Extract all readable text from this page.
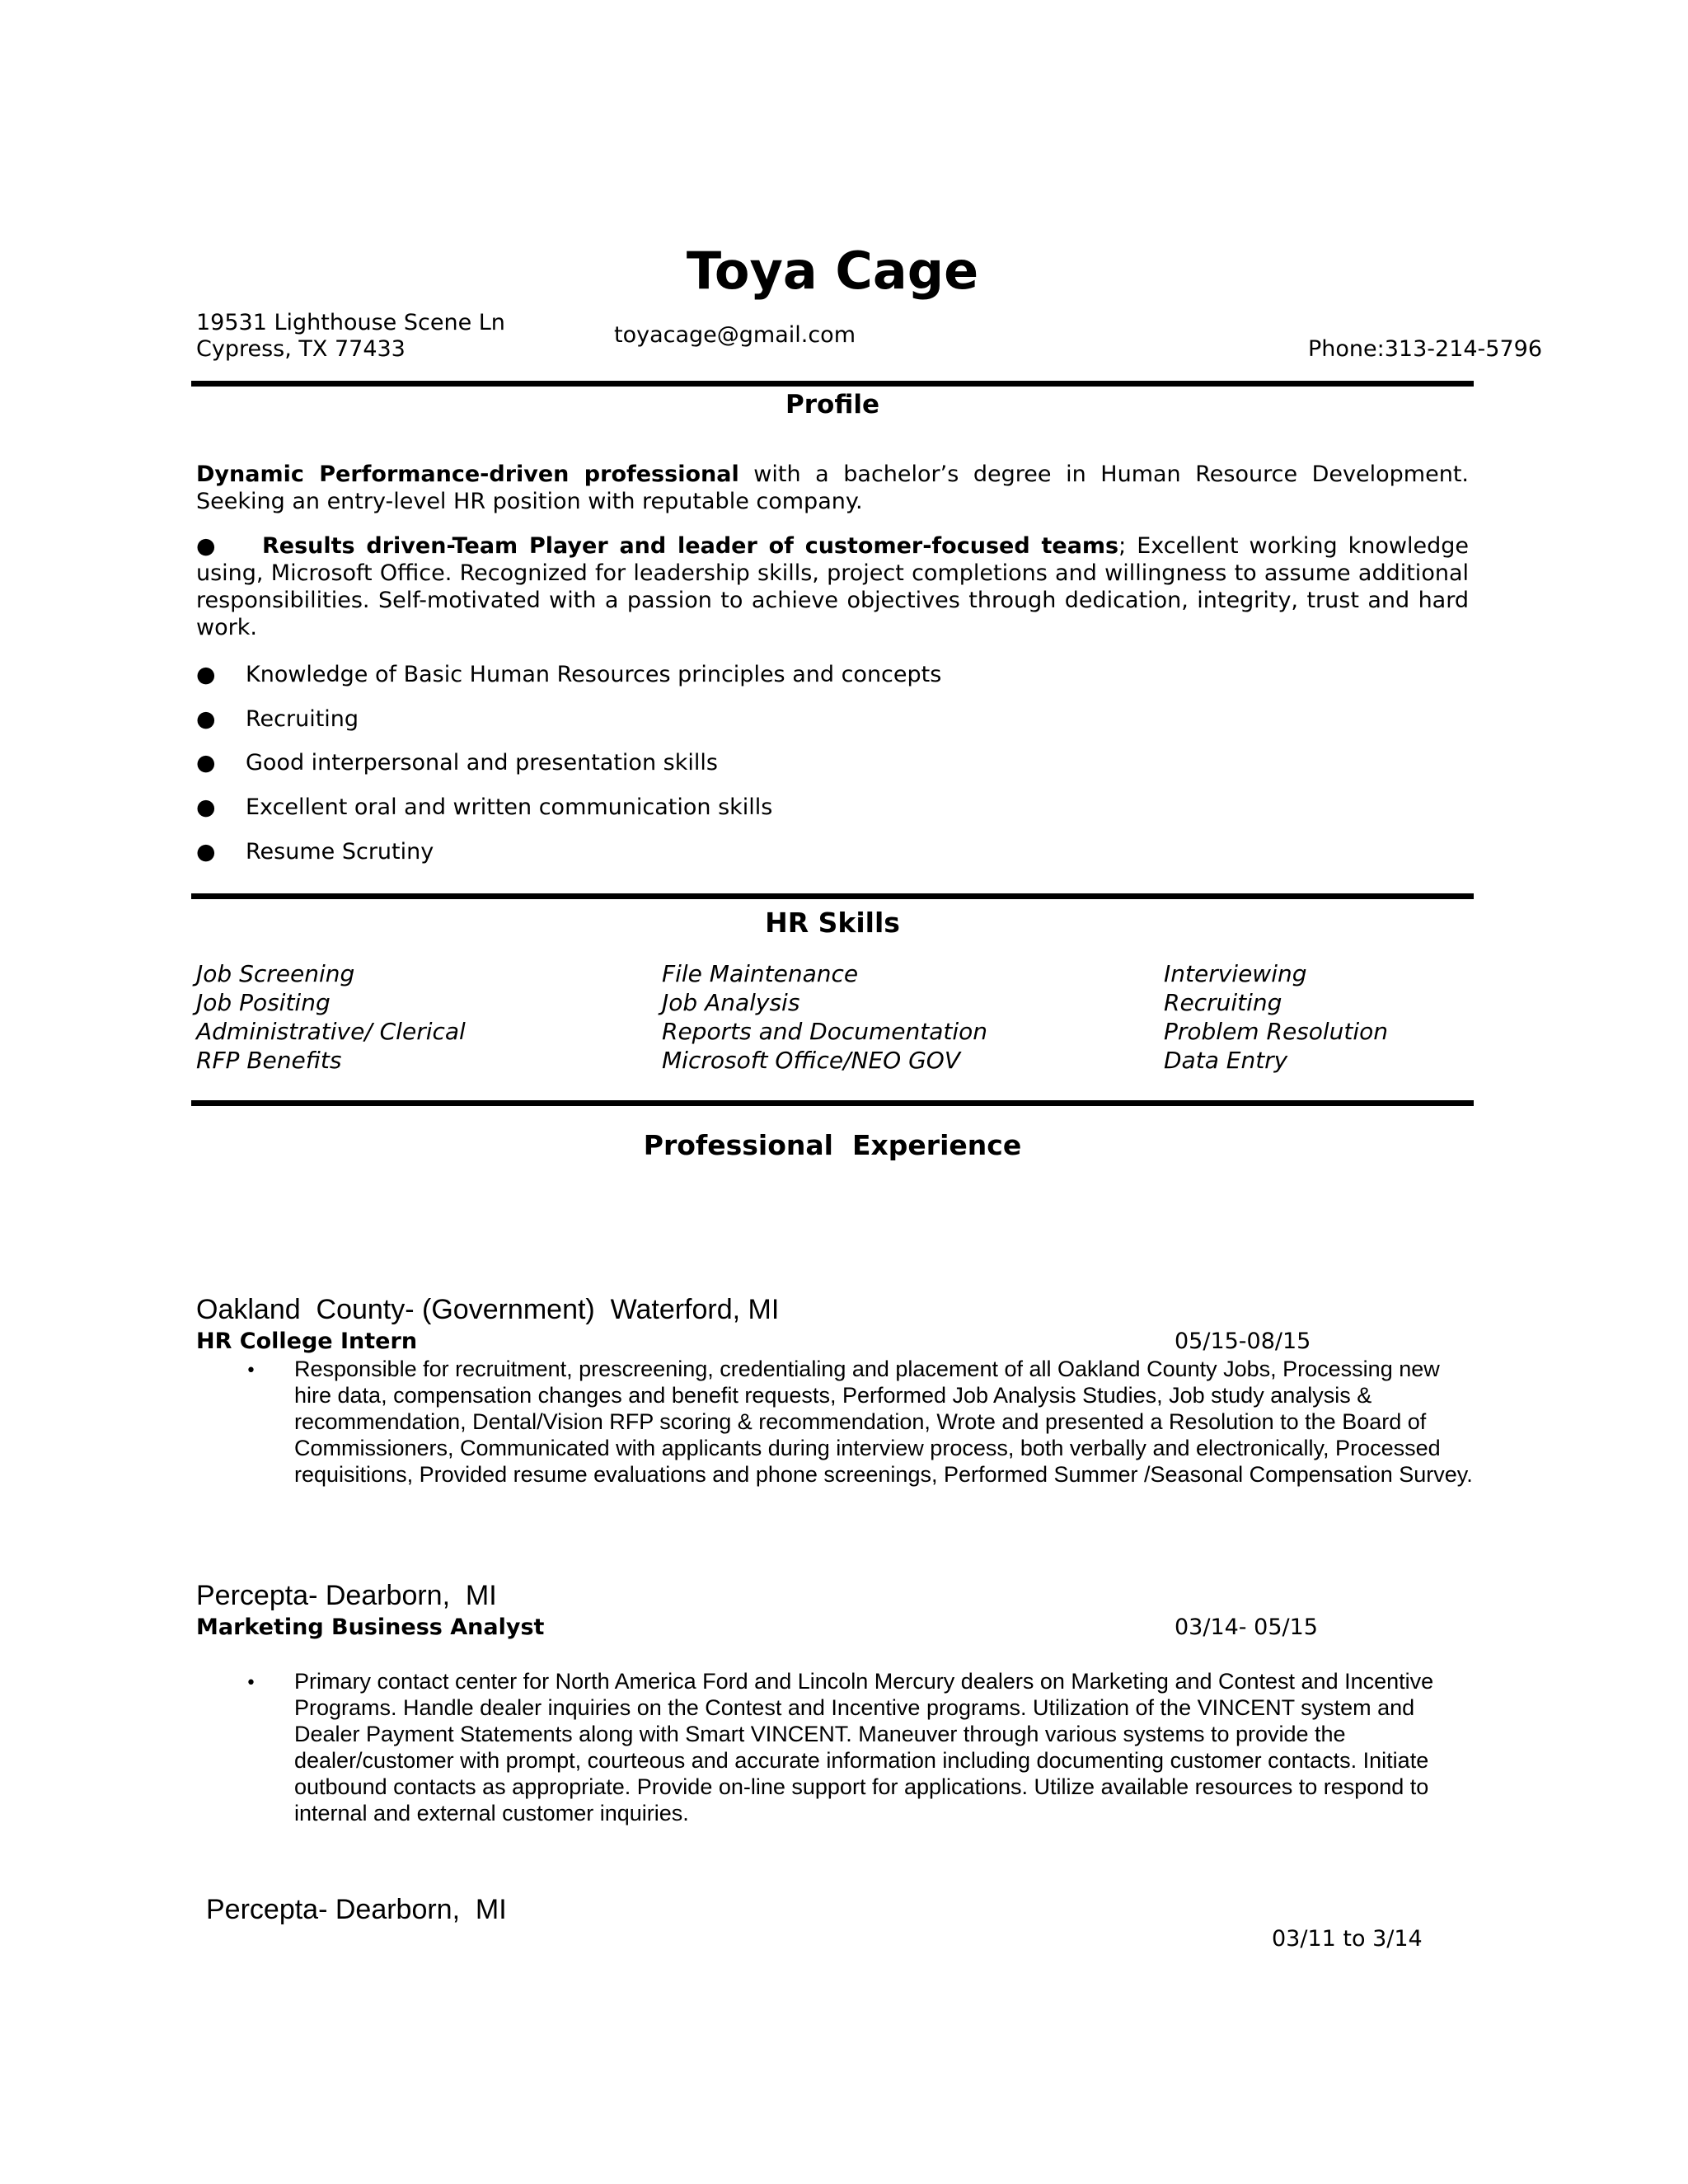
Toya Cage
19531 Lighthouse Scene Ln
Cypress, TX 77433
toyacage@gmail.com
Phone:313-214-5796
Profile
Dynamic Performance-driven professional with a bachelor’s degree in Human Resource Development. Seeking an entry-level HR position with reputable company.
● Results driven-Team Player and leader of customer-focused teams; Excellent working knowledge using, Microsoft Office. Recognized for leadership skills, project completions and willingness to assume additional responsibilities. Self-motivated with a passion to achieve objectives through dedication, integrity, trust and hard work.
● Knowledge of Basic Human Resources principles and concepts
● Recruiting
● Good interpersonal and presentation skills
● Excellent oral and written communication skills
● Resume Scrutiny
HR Skills
Job Screening
Job Positing
Administrative/ Clerical
RFP Benefits
File Maintenance
Job Analysis
Reports and Documentation
Microsoft Office/NEO GOV
Interviewing
Recruiting
Problem Resolution
Data Entry
Professional  Experience
Oakland  County- (Government)  Waterford, MI
HR College Intern	05/15-08/15
• Responsible for recruitment, prescreening, credentialing and placement of all Oakland County Jobs, Processing new hire data, compensation changes and benefit requests, Performed Job Analysis Studies, Job study analysis & recommendation, Dental/Vision RFP scoring & recommendation, Wrote and presented a Resolution to the Board of Commissioners, Communicated with applicants during interview process, both verbally and electronically, Processed requisitions, Provided resume evaluations and phone screenings, Performed Summer /Seasonal Compensation Survey.
Percepta- Dearborn,  MI
Marketing Business Analyst	03/14- 05/15
• Primary contact center for North America Ford and Lincoln Mercury dealers on Marketing and Contest and Incentive Programs. Handle dealer inquiries on the Contest and Incentive programs. Utilization of the VINCENT system and Dealer Payment Statements along with Smart VINCENT. Maneuver through various systems to provide the dealer/customer with prompt, courteous and accurate information including documenting customer contacts. Initiate outbound contacts as appropriate. Provide on-line support for applications. Utilize available resources to respond to internal and external customer inquiries.
Percepta- Dearborn,  MI
03/11 to 3/14
